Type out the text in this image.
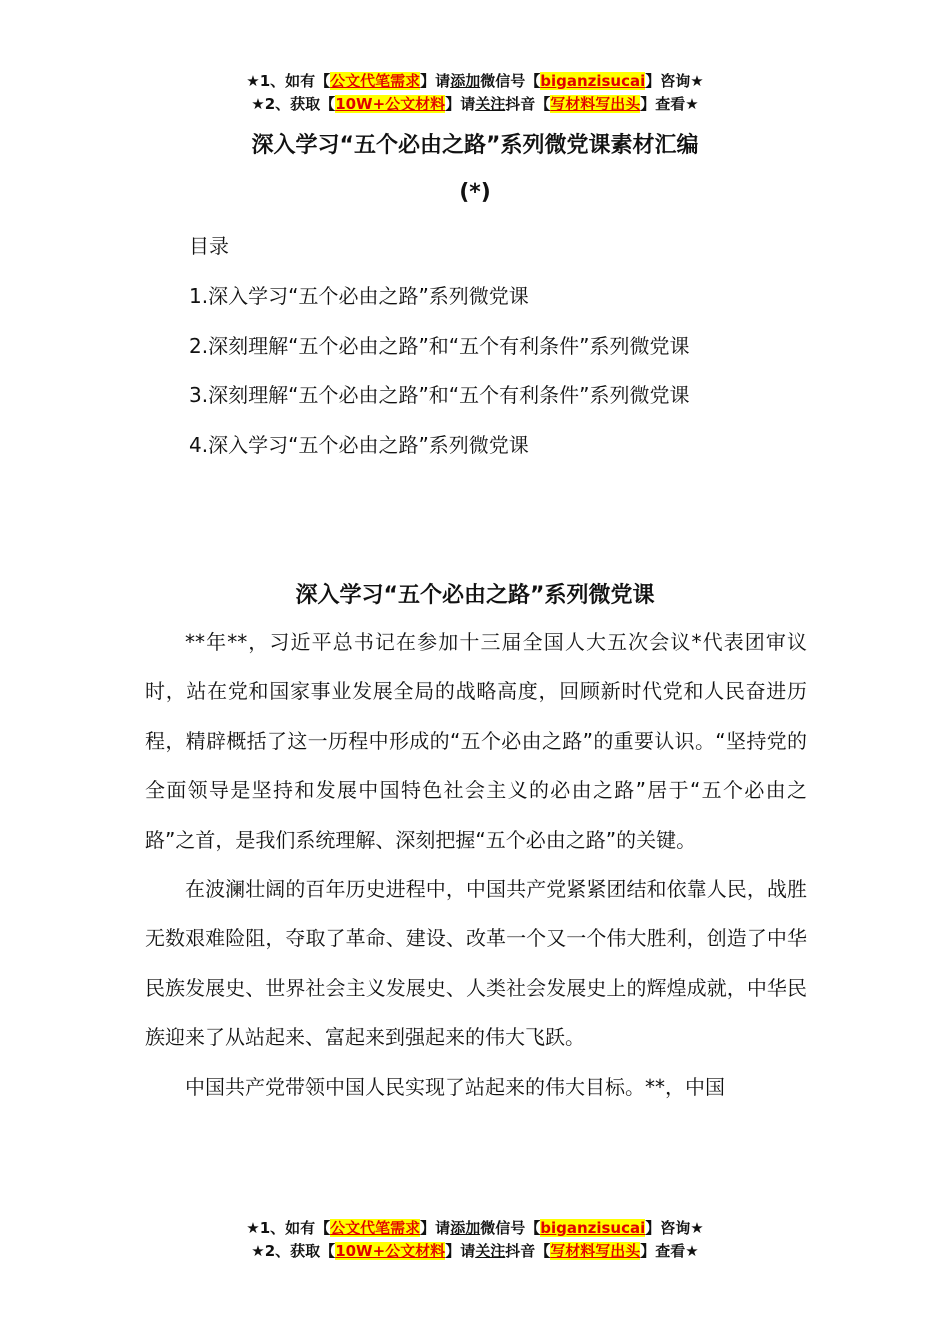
★1、如有【公文代笔需求】请添加微信号【biganzisucai】咨询★
★2、获取【10W+公文材料】请关注抖音【写材料写出头】查看★
深入学习“五个必由之路”系列微党课素材汇编
(*)
目录
1.深入学习“五个必由之路”系列微党课
2.深刻理解“五个必由之路”和“五个有利条件”系列微党课
3.深刻理解“五个必由之路”和“五个有利条件”系列微党课
4.深入学习“五个必由之路”系列微党课
深入学习“五个必由之路”系列微党课

**年**，习近平总书记在参加十三届全国人大五次会议*代表团审议时，站在党和国家事业发展全局的战略高度，回顾新时代党和人民奋进历程，精辟概括了这一历程中形成的“五个必由之路”的重要认识。“坚持党的全面领导是坚持和发展中国特色社会主义的必由之路”居于“五个必由之路”之首，是我们系统理解、深刻把握“五个必由之路”的关键。

在波澜壮阔的百年历史进程中，中国共产党紧紧团结和依靠人民，战胜无数艰难险阻，夺取了革命、建设、改革一个又一个伟大胜利，创造了中华民族发展史、世界社会主义发展史、人类社会发展史上的辉煌成就，中华民族迎来了从站起来、富起来到强起来的伟大飞跃。

中国共产党带领中国人民实现了站起来的伟大目标。**，中国

★1、如有【公文代笔需求】请添加微信号【biganzisucai】咨询★
★2、获取【10W+公文材料】请关注抖音【写材料写出头】查看★
